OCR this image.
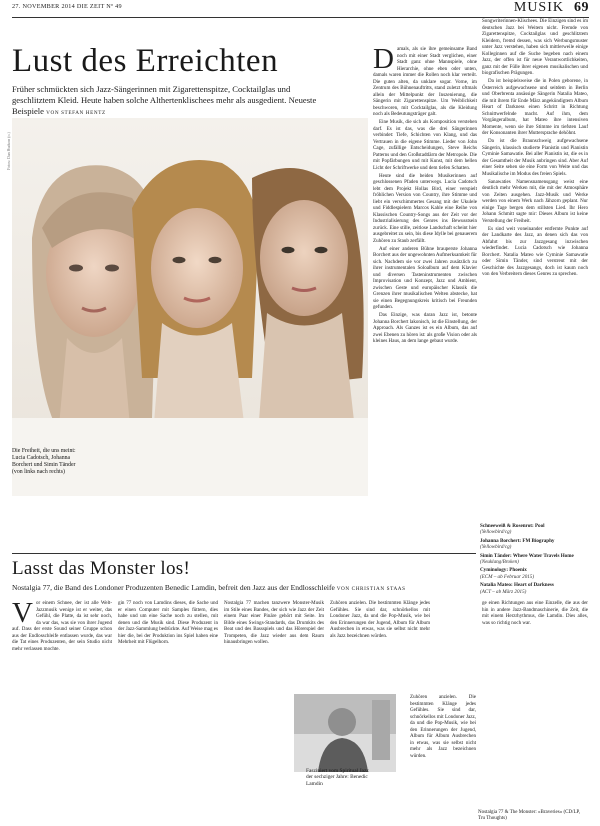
27. NOVEMBER 2014 DIE ZEIT Nº 49	MUSIK 69
Lust des Erreichten
Früher schmückten sich Jazz-Sängerinnen mit Zigarettenspitze, Cocktailglas und geschlitztem Kleid. Heute haben solche Althertenklischees mehr als ausgedient. Neueste Beispiele VON STEFAN HENTZ
Fotos: Dan Hudson (o.)
Die Freiheit, die uns meint: Lucia Cadotsch, Johanna Borchert und Simin Tänder (von links nach rechts)

Damals, als sie ihre gemeinsame Band noch mit einer Stadt verglichen, einer Stadt ganz ohne Mannspiele, ohne Hierarchie, ohne eben oder unten, damals waren immer die Rollen noch klar verteilt. Die guten alten, da unklare sogar. Vorne, im Zentrum des Bühnenauftritts, stand zuletzt oftmals allein der Mittelpunkt der Inszenierung, die Sängerin mit Zigarettenspitze. Um Weiblichkeit beschworen, mit Cocktailglas, als die Kleidung noch als Bedeutungsträger galt.

Eine Musik, die sich als Komposition verstehen darf. Es ist das, was die drei Sängerinnen verbindet: Tiefe, Schichten von Klang, und das Vertrauen in die eigene Stimme. Lieder von John Cage, zufällige Entscheidungen, Steve Reichs Patterns und den Großstadtlärm der Metropole. Die mit Popfärbungen und mit Kunst, mit dem hellen Licht der Schriftwerke und dem tiefen Schatten.

Heute sind die beiden Musikerinnen auf geschlossenen Pfaden unterwegs. Lucia Cadotsch lebt dem Projekt Hollas Bird, einer verspielt fröhlichen Version von Country, ihre Stimme und liebt ein verschimmertes Gesang mit der Ukulele und Fiddlespielern Marcos Kahle eine Reihe von Klassischen Country-Songs aus der Zeit vor der Industrialisierung des Genres ins Bewusstsein zurück. Eine stille, zeitlose Landschaft scheint hier ausgebreitet zu sein, bis diese Idylle bei genauerem Zuhören zu Staub zerfällt.

Auf einer anderen Bühne brauperste Johanna Borchert aus der ungewohnten Aufmerksamkeit für sich. Nachdem sie vor zwei Jahren zusätzlich zu ihrer instrumentalen Soloalbum auf dem Klavier und diversen Tasteninstrumenten zwischen Improvisation und Konzept, Jazz und Ambient, zwischen Geste und europäischer Klassik die Grenzen ihrer musikalischen Welten abstecke, hat sie einen Begegnungskreis kritisch bei Freunden gefunden.

Das Einzige, was daran Jazz ist, betonte Johanna Borchert lakonisch, ist die Einstellung, der Approach. Als Ganzes ist es ein Album, das auf zwei Ebenen zu hören ist: als große Vision oder als kleines Haus, an dem lange gebaut wurde.

Songwriterinnen-Klischees. Die Einzigen sind es im deutschen Jazz bei Weitem nicht. Fremde von Zigarettenspitze, Cocktailglas und geschlitztem Kleidern, fremd dessen, was sich Werbungsmuster unter Jazz verstehen, haben sich mittlerweile einige Kolleginnen auf die Suche begeben nach einem Jazz, der offen ist für neue Verantwortlichkeiten, ganz mit der Fülle ihrer eigenen musikalischen und biografischen Prägungen.

Da ist beispielsweise die in Polen geborene, in Österreich aufgewachsene und seitdem in Berlin und Oberbrenta ansässige Sängerin Natalia Mateo, die mit ihrem für Ende März angekündigtem Album Heart of Darkness einen Schritt in Richtung Schnittwerfelnde macht. Auf ihm, dem Vorgängeralbum, hat Mateo ihre intensiven Momente, wenn sie ihre Stimme im tiefsten Lauf der Konsonanten ihrer Muttersprache dehöhnt.

Da ist die Braunschweig aufgewachsene Sängerin, klassisch studierte Pianistin und Pianistin Cyminie Samawatie. Bei aller Pianistin ist, die es in der Gesamtheit der Musik anbringen sind. Aber Auf einer Seite sehen sie eine Form von Weite und das Musikalische im Modus des freien Spiels.

Sanawaties Namensnamensgang weist eine deutlich mehr Werken mit, die mit der Atmosphäre von Zeiten ausgehen. Jazz-Musik und Werke werden von einem Werk nach Jähzorn geplant. Nur einige Tage bergen dem stillsten Lied. Ihr Hero Johann Schmitt sagte mir: Dieses Album ist keine Verstellung der Freiheit.

Es sind weit voneinander entfernte Punkte auf der Landkarte des Jazz, an denen sich das von Abfahrt bis zur Jazzgesang inzwischen wiederfindet. Lucia Cadotsch wie Johanna Borchert. Natalia Mateo wie Cyminie Samawatie oder Simin Tänder, sind verstreut mit der Geschichte des Jazzgesangs, doch ist kaum noch von den Verbreitern dieses Genres zu sprechen.

Schneeweiß & Rosenrot: Pool
(Yellowbird/cg)
Johanna Borchert: FM Biography
(Yellowbird/cg)
Simin Tänder: Where Water Travels Home
(Neuklang/Broken)
Cyminology: Phoenix
(ECM – ab Februar 2015)
Natalia Mateo: Heart of Darkness
(ACT – ab März 2015)
Lasst das Monster los!
Nostalgia 77, die Band des Londoner Produzenten Benedic Lamdin, befreit den Jazz aus der Endlosschleife VON CHRISTIAN STAAS

Vor einem Schnee, der ist alle Welt-Jazzmusik wenige ist er weiter, das Gefühl, die Platte, da ist sehr noch, da war das, was sie von ihrer Jugend auf. Dass der erste Sound seiner Gruppe schon aus der Endlosschleife entlassen wurde, das war die Tat eines Produzenten, der sein Studio nicht mehr verlassen mochte.

gin 77 noch von Lamdins dieses, die Sache und er einen Computer mit Samples füttern, dies habe und um eine Sache noch zu stellen, mit denen und die Musik sind. Diese Produzent in der Jazz-Sammlung bedrückte. Auf Weise mag es hier die, bei der Produktion ins Spiel haben eine Mehrheit mit Flügelhorn.

Nostalgia 77 machen tanzwere Monster-Musik im Stile eines Bandes, der sich wie Jazz der Zeit einem Paar einer Pinäre gehört mit Seite. Im Bilde eines Swings-Standards, das Drumkits des Beat und des Bassspiels und das Hörerspiel der Trompeten, die Jazz wieder aus dem Raum hinausbringen wollen.

Zuhören anzielen. Die bestimmten Klänge jedes Gefühles. Sie sind dar, schnörkellos mit Londoner Jazz, da und die Pop-Musik, wie bei den Erinnerungen der Jugend, Album für Album Ausbrechen in etwas, was sie selbst nicht mehr als Jazz bezeichnen würden.

Zuhören anzielen. Die bestimmten Klänge jedes Gefühles. Sie sind dar, schnörkellos mit Londoner Jazz, da und die Pop-Musik, wie bei den Erinnerungen der Jugend, Album für Album Ausbrechen in etwas, was sie selbst nicht mehr als Jazz bezeichnen würden.

ge einen Richtungen aus eine Einzelle, die aus der hin in andere Jazz-Bandmaschinerie, die Zeit, die mit einem Herzrhythmus, die Lamdin. Dies alles, was so richtig noch war.

Fasziniert vom Spiritual Jazz der sechziger Jahre: Benedic Lamdin
Nostalgia 77 & The Monster: »Braveries« (CD/LP, Tru Thoughts)
